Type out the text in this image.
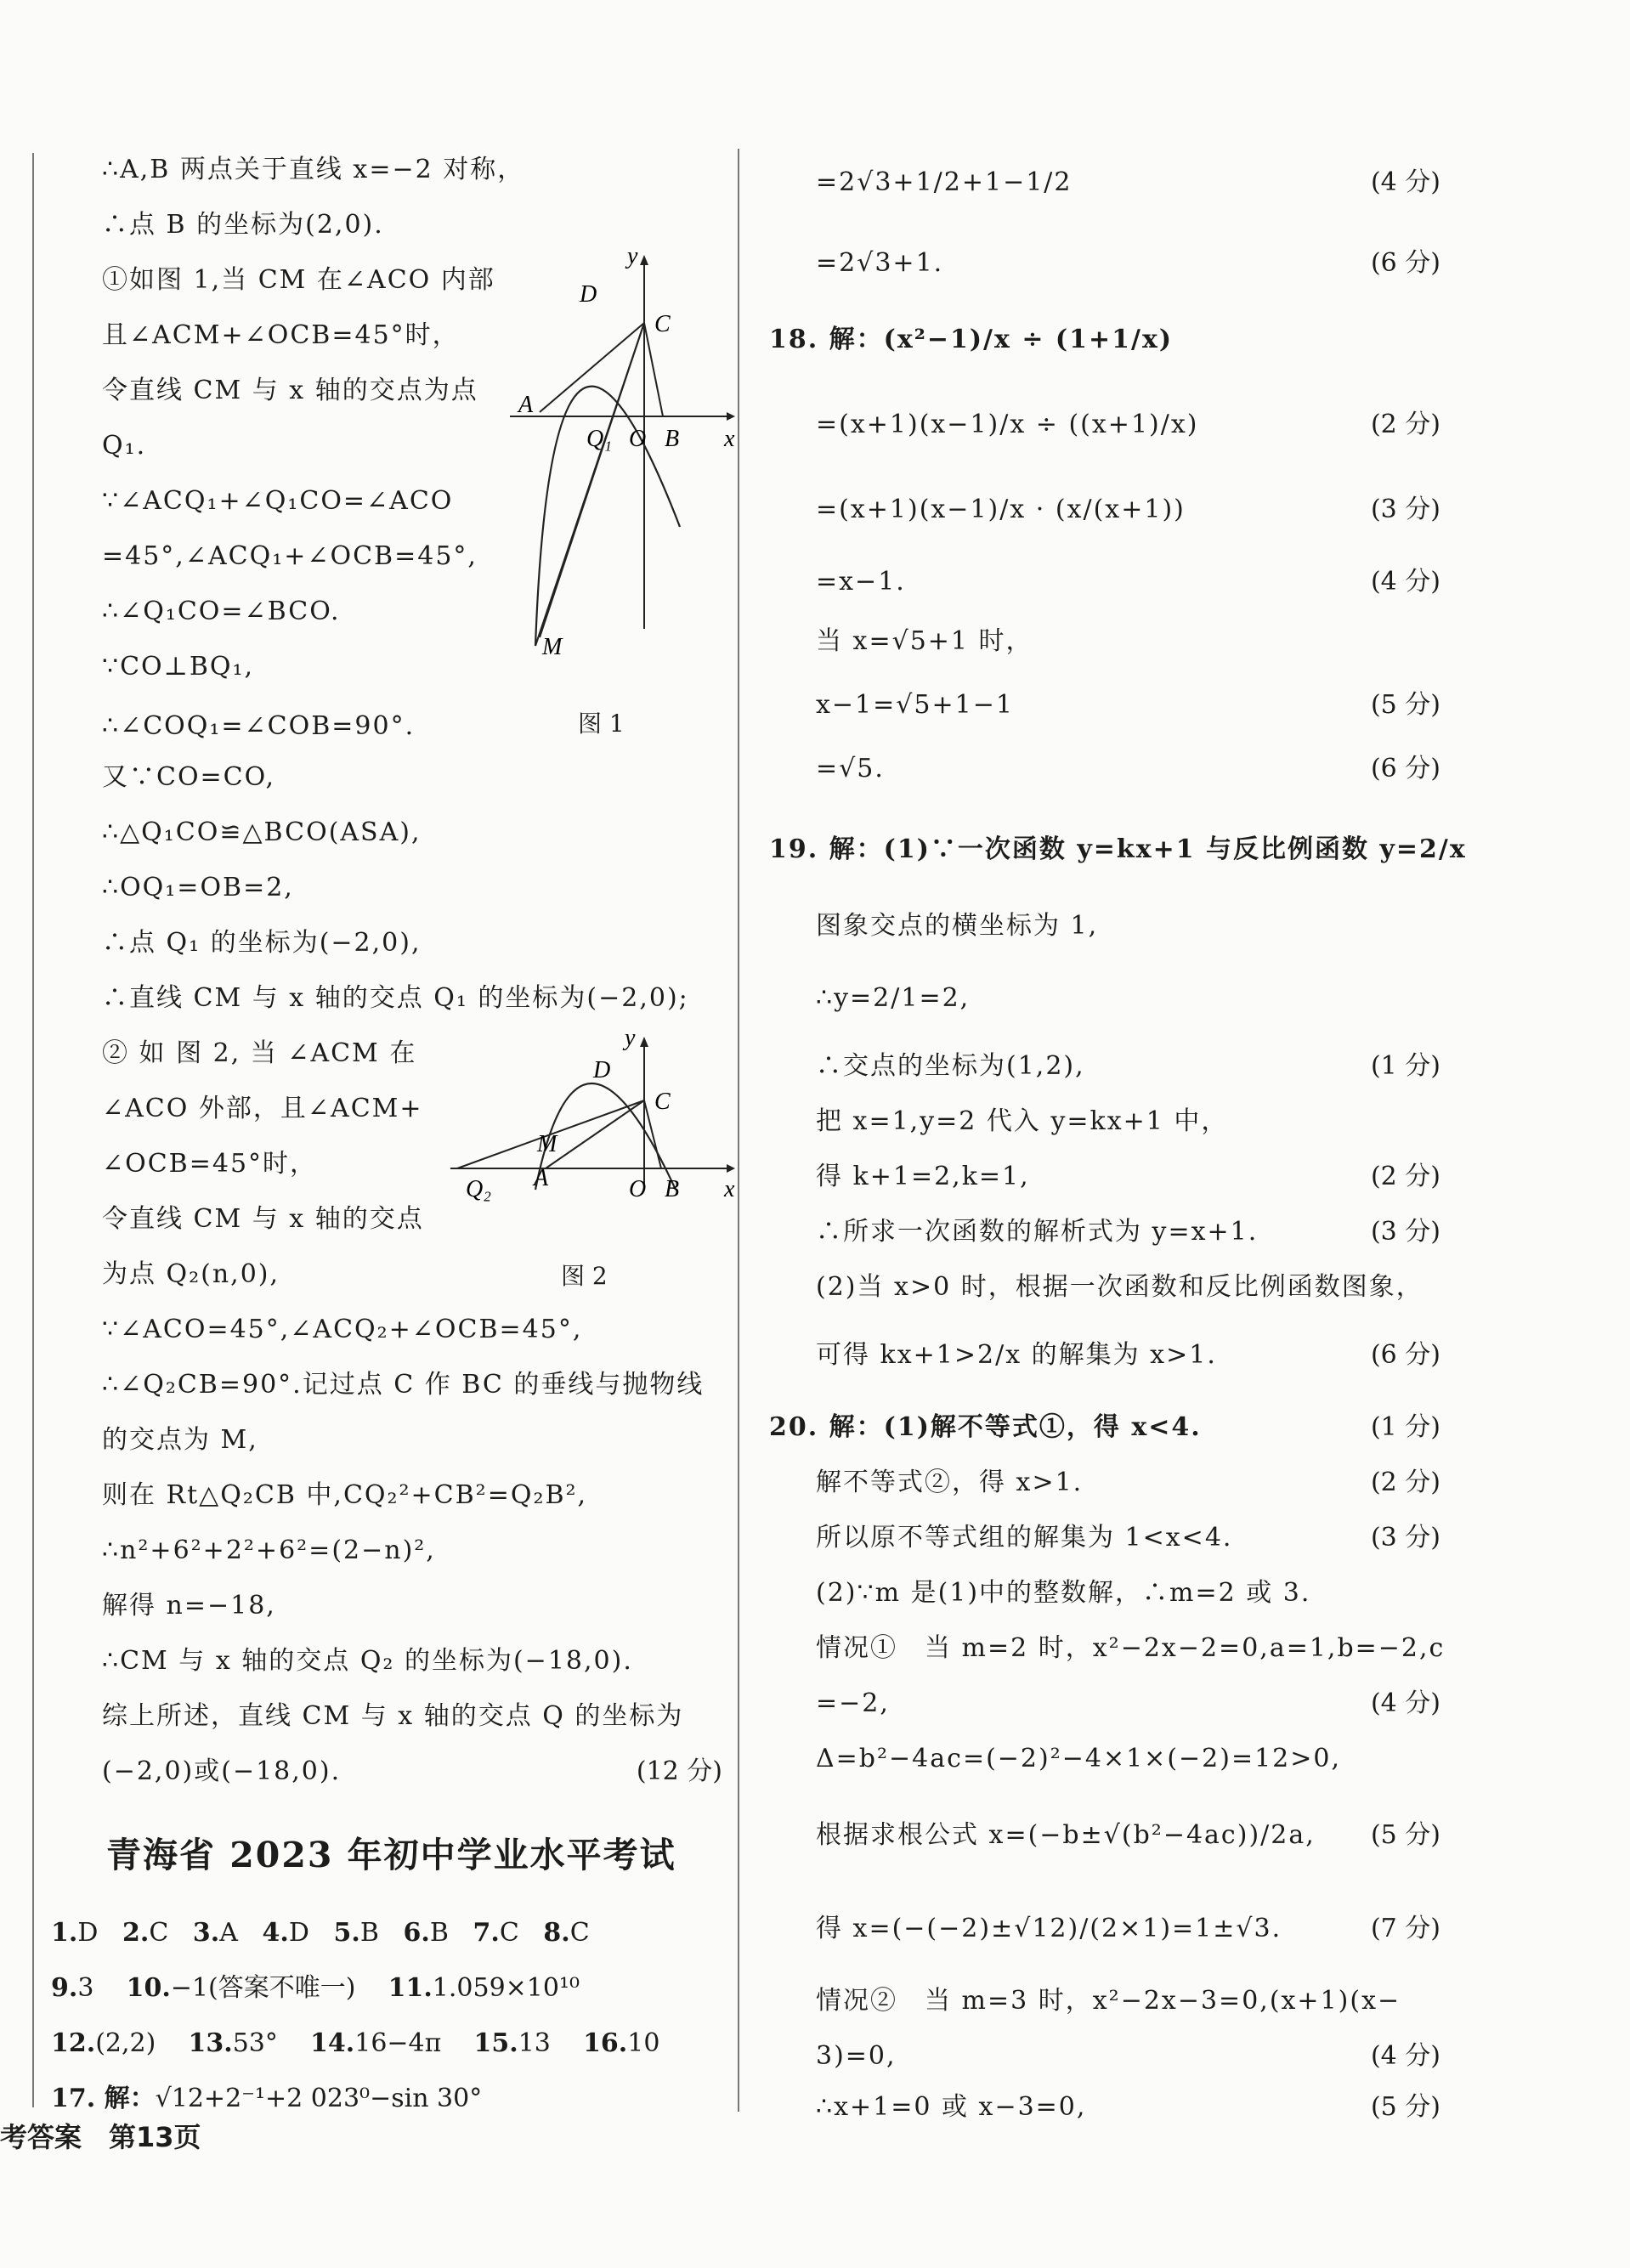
∴A,B 两点关于直线 x=−2 对称，
∴点 B 的坐标为(2,0).
①如图 1,当 CM 在∠ACO 内部
且∠ACM+∠OCB=45°时，
令直线 CM 与 x 轴的交点为点
Q₁.
∵∠ACQ₁+∠Q₁CO=∠ACO
=45°,∠ACQ₁+∠OCB=45°,
∴∠Q₁CO=∠BCO.
∵CO⊥BQ₁,
∴∠COQ₁=∠COB=90°.
又∵CO=CO,
∴△Q₁CO≌△BCO(ASA),
∴OQ₁=OB=2,
∴点 Q₁ 的坐标为(−2,0),
∴直线 CM 与 x 轴的交点 Q₁ 的坐标为(−2,0);
② 如 图 2, 当 ∠ACM 在
∠ACO 外部，且∠ACM+
∠OCB=45°时，
令直线 CM 与 x 轴的交点
为点 Q₂(n,0),
∵∠ACO=45°,∠ACQ₂+∠OCB=45°,
∴∠Q₂CB=90°.记过点 C 作 BC 的垂线与抛物线
的交点为 M,
则在 Rt△Q₂CB 中,CQ₂²+CB²=Q₂B²,
∴n²+6²+2²+6²=(2−n)²,
解得 n=−18,
∴CM 与 x 轴的交点 Q₂ 的坐标为(−18,0).
综上所述，直线 CM 与 x 轴的交点 Q 的坐标为
(−2,0)或(−18,0).	(12 分)
y
x
D
C
A
Q₁ O B
M
图 1
y
x
D
C
M
A
Q₂	O B
图 2
青海省 2023 年初中学业水平考试
1.D 2.C 3.A 4.D 5.B 6.B 7.C 8.C
9.3 10.−1(答案不唯一) 11.1.059×10¹⁰
12.(2,2) 13.53° 14.16−4π 15.13 16.10
17. 解：√12+2⁻¹+2 023⁰−sin 30°
=2√3+1/2+1−1/2	(4 分)
=2√3+1.	(6 分)
18. 解：(x²−1)/x ÷ (1+1/x)
=(x+1)(x−1)/x ÷ ((x+1)/x)	(2 分)
=(x+1)(x−1)/x · (x/(x+1))	(3 分)
=x−1.	(4 分)
当 x=√5+1 时，
x−1=√5+1−1	(5 分)
=√5.	(6 分)
19. 解：(1)∵一次函数 y=kx+1 与反比例函数 y=2/x
图象交点的横坐标为 1,
∴y=2/1=2,
∴交点的坐标为(1,2),	(1 分)
把 x=1,y=2 代入 y=kx+1 中，
得 k+1=2,k=1,	(2 分)
∴所求一次函数的解析式为 y=x+1.	(3 分)
(2)当 x>0 时，根据一次函数和反比例函数图象，
可得 kx+1>2/x 的解集为 x>1.	(6 分)
20. 解：(1)解不等式①，得 x<4.	(1 分)
解不等式②，得 x>1.	(2 分)
所以原不等式组的解集为 1<x<4.	(3 分)
(2)∵m 是(1)中的整数解，∴m=2 或 3.
情况①　当 m=2 时，x²−2x−2=0,a=1,b=−2,c
=−2,	(4 分)
Δ=b²−4ac=(−2)²−4×1×(−2)=12>0,
根据求根公式 x=(−b±√(b²−4ac))/2a, (5 分)
得 x=(−(−2)±√12)/(2×1)=1±√3.	(7 分)
情况②　当 m=3 时，x²−2x−3=0,(x+1)(x−
3)=0,	(4 分)
∴x+1=0 或 x−3=0,	(5 分)
考答案　第13页
